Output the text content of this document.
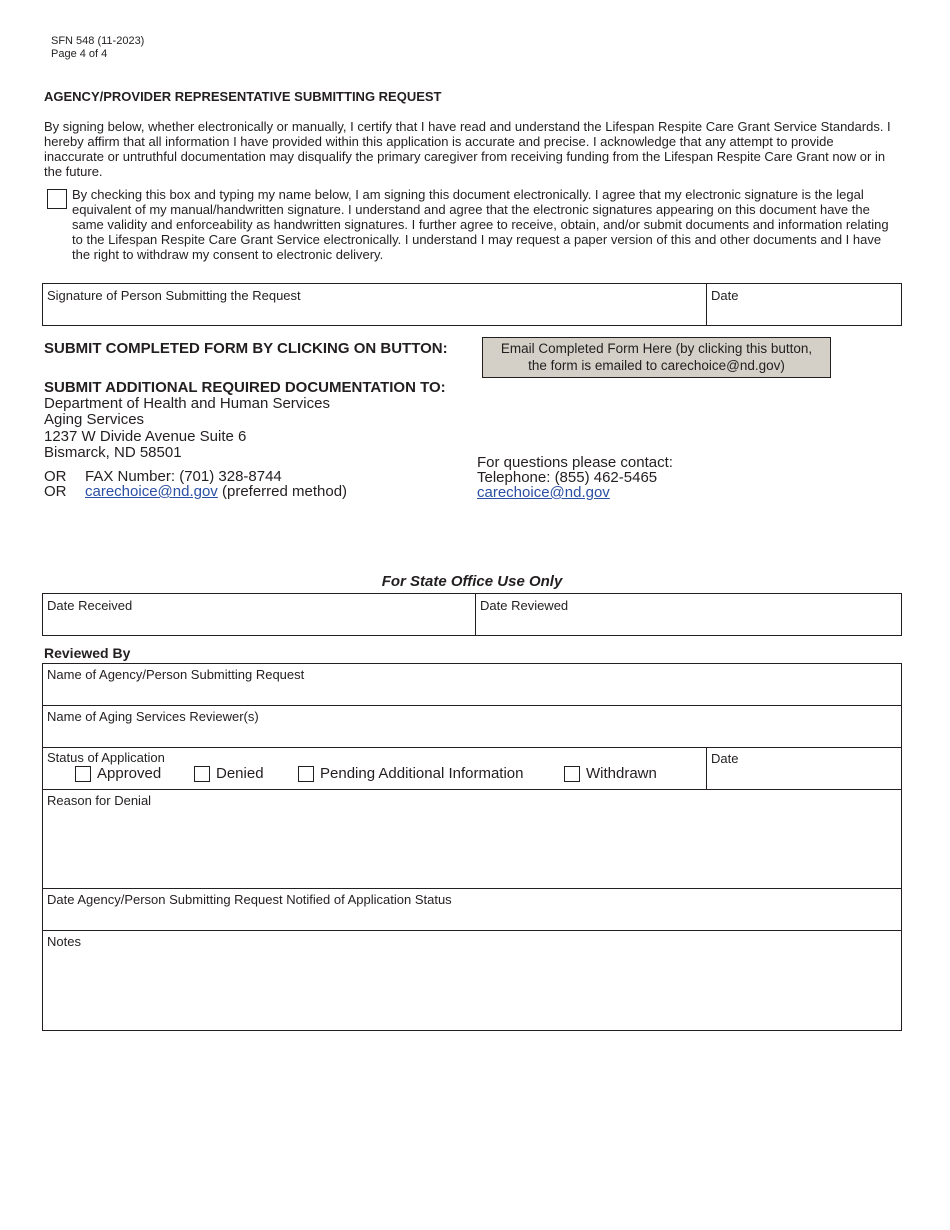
SFN 548 (11-2023)
Page 4 of 4
AGENCY/PROVIDER REPRESENTATIVE SUBMITTING REQUEST
By signing below, whether electronically or manually, I certify that I have read and understand the Lifespan Respite Care Grant Service Standards. I hereby affirm that all information I have provided within this application is accurate and precise. I acknowledge that any attempt to provide inaccurate or untruthful documentation may disqualify the primary caregiver from receiving funding from the Lifespan Respite Care Grant now or in the future.
By checking this box and typing my name below, I am signing this document electronically. I agree that my electronic signature is the legal equivalent of my manual/handwritten signature. I understand and agree that the electronic signatures appearing on this document have the same validity and enforceability as handwritten signatures. I further agree to receive, obtain, and/or submit documents and information relating to the Lifespan Respite Care Grant Service electronically. I understand I may request a paper version of this and other documents and I have the right to withdraw my consent to electronic delivery.
Signature of Person Submitting the Request	Date
SUBMIT COMPLETED FORM BY CLICKING ON BUTTON:	Email Completed Form Here (by clicking this button,
the form is emailed to carechoice@nd.gov)
SUBMIT ADDITIONAL REQUIRED DOCUMENTATION TO:
Department of Health and Human Services
Aging Services
1237 W Divide Avenue Suite 6
Bismarck, ND 58501
OR FAX Number: (701) 328-8744
OR carechoice@nd.gov (preferred method)
For questions please contact:
Telephone: (855) 462-5465
carechoice@nd.gov
For State Office Use Only
Date Received	Date Reviewed
Reviewed By
Name of Agency/Person Submitting Request
Name of Aging Services Reviewer(s)
Status of Application
Approved	Denied	Pending Additional Information	Withdrawn
Date
Reason for Denial
Date Agency/Person Submitting Request Notified of Application Status
Notes
